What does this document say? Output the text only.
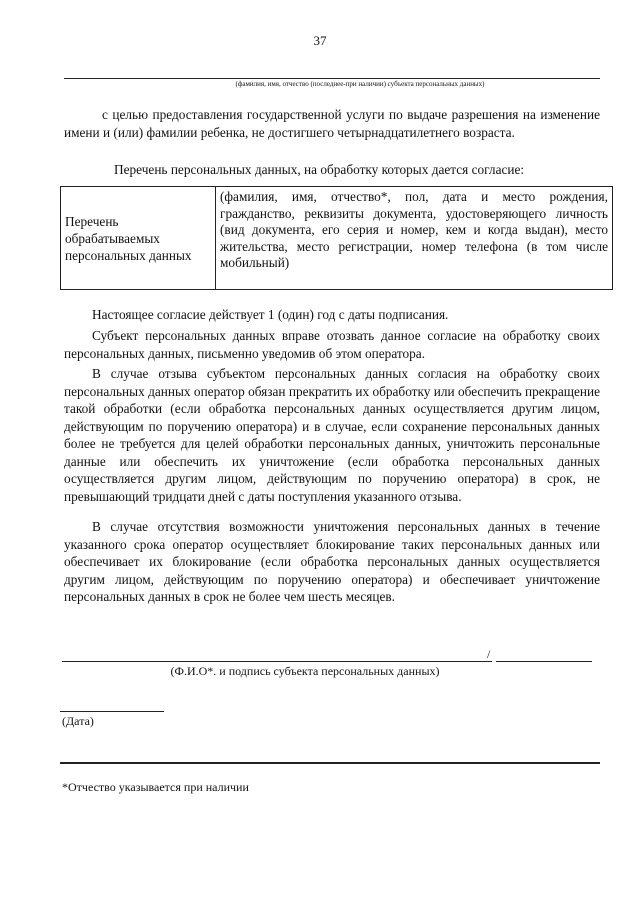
37
(фамилия, имя, отчество (последнее-при наличии) субъекта персональных данных)
с целью предоставления государственной услуги по выдаче разрешения на изменение имени и (или) фамилии ребенка, не достигшего четырнадцатилетнего возраста.
Перечень персональных данных, на обработку которых дается согласие:
Перечень обрабатываемых персональных данных	(фамилия, имя, отчество*, пол, дата и место рождения, гражданство, реквизиты документа, удостоверяющего личность (вид документа, его серия и номер, кем и когда выдан), место жительства, место регистрации, номер телефона (в том числе мобильный)
Настоящее согласие действует 1 (один) год с даты подписания.
Субъект персональных данных вправе отозвать данное согласие на обработку своих персональных данных, письменно уведомив об этом оператора.
В случае отзыва субъектом персональных данных согласия на обработку своих персональных данных оператор обязан прекратить их обработку или обеспечить прекращение такой обработки (если обработка персональных данных осуществляется другим лицом, действующим по поручению оператора) и в случае, если сохранение персональных данных более не требуется для целей обработки персональных данных, уничтожить персональные данные или обеспечить их уничтожение (если обработка персональных данных осуществляется другим лицом, действующим по поручению оператора) в срок, не превышающий тридцати дней с даты поступления указанного отзыва.
В случае отсутствия возможности уничтожения персональных данных в течение указанного срока оператор осуществляет блокирование таких персональных данных или обеспечивает их блокирование (если обработка персональных данных осуществляется другим лицом, действующим по поручению оператора) и обеспечивает уничтожение персональных данных в срок не более чем шесть месяцев.
/
(Ф.И.О*. и подпись субъекта персональных данных)
(Дата)
*Отчество указывается при наличии
